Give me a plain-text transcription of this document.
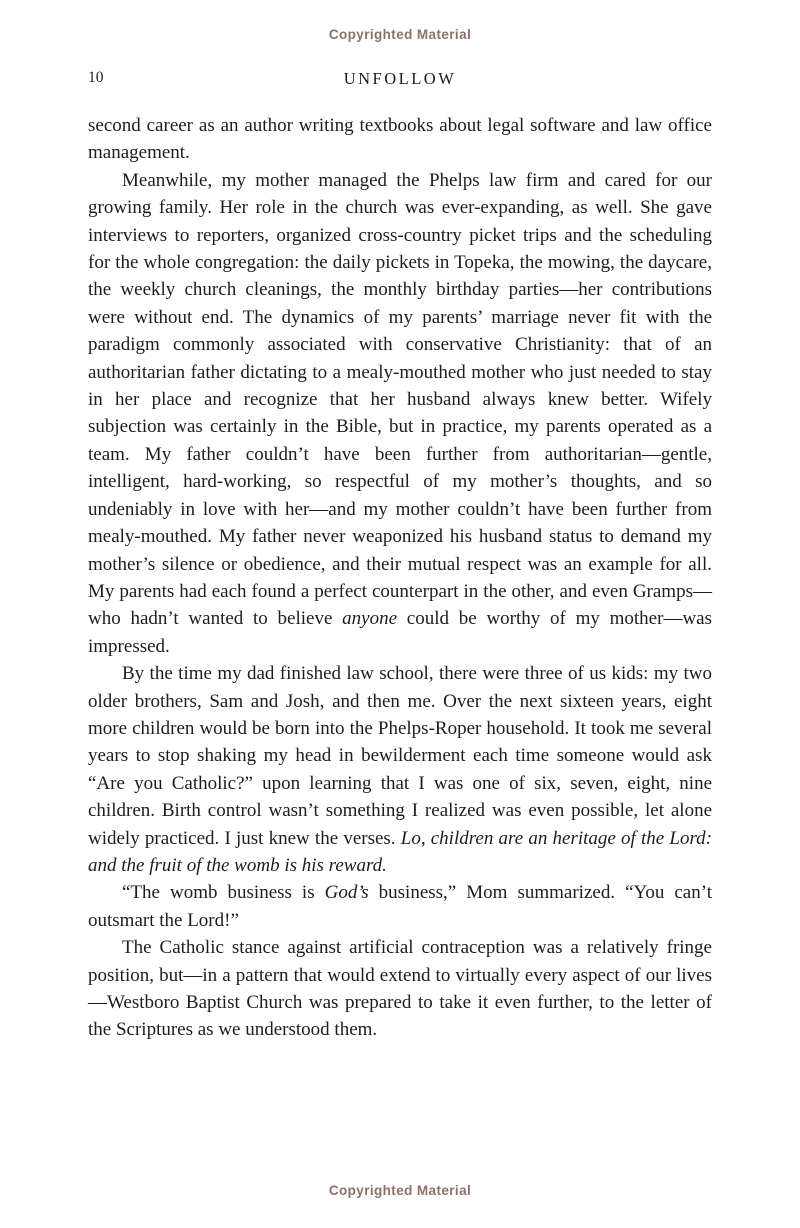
Copyrighted Material
10	UNFOLLOW

second career as an author writing textbooks about legal software and law office management.

Meanwhile, my mother managed the Phelps law firm and cared for our growing family. Her role in the church was ever-expanding, as well. She gave interviews to reporters, organized cross-country picket trips and the scheduling for the whole congregation: the daily pickets in Topeka, the mowing, the daycare, the weekly church cleanings, the monthly birthday parties—her contributions were without end. The dynamics of my parents’ marriage never fit with the paradigm commonly associated with conservative Christianity: that of an authoritarian father dictating to a mealy-mouthed mother who just needed to stay in her place and recognize that her husband always knew better. Wifely subjection was certainly in the Bible, but in practice, my parents operated as a team. My father couldn’t have been further from authoritarian—gentle, intelligent, hard-working, so respectful of my mother’s thoughts, and so undeniably in love with her—and my mother couldn’t have been further from mealy-mouthed. My father never weaponized his husband status to demand my mother’s silence or obedience, and their mutual respect was an example for all. My parents had each found a perfect counterpart in the other, and even Gramps—who hadn’t wanted to believe anyone could be worthy of my mother—was impressed.

By the time my dad finished law school, there were three of us kids: my two older brothers, Sam and Josh, and then me. Over the next sixteen years, eight more children would be born into the Phelps-Roper household. It took me several years to stop shaking my head in bewilderment each time someone would ask “Are you Catholic?” upon learning that I was one of six, seven, eight, nine children. Birth control wasn’t something I realized was even possible, let alone widely practiced. I just knew the verses. Lo, children are an heritage of the Lord: and the fruit of the womb is his reward.

“The womb business is God’s business,” Mom summarized. “You can’t outsmart the Lord!”

The Catholic stance against artificial contraception was a relatively fringe position, but—in a pattern that would extend to virtually every aspect of our lives—Westboro Baptist Church was prepared to take it even further, to the letter of the Scriptures as we understood them.

Copyrighted Material
